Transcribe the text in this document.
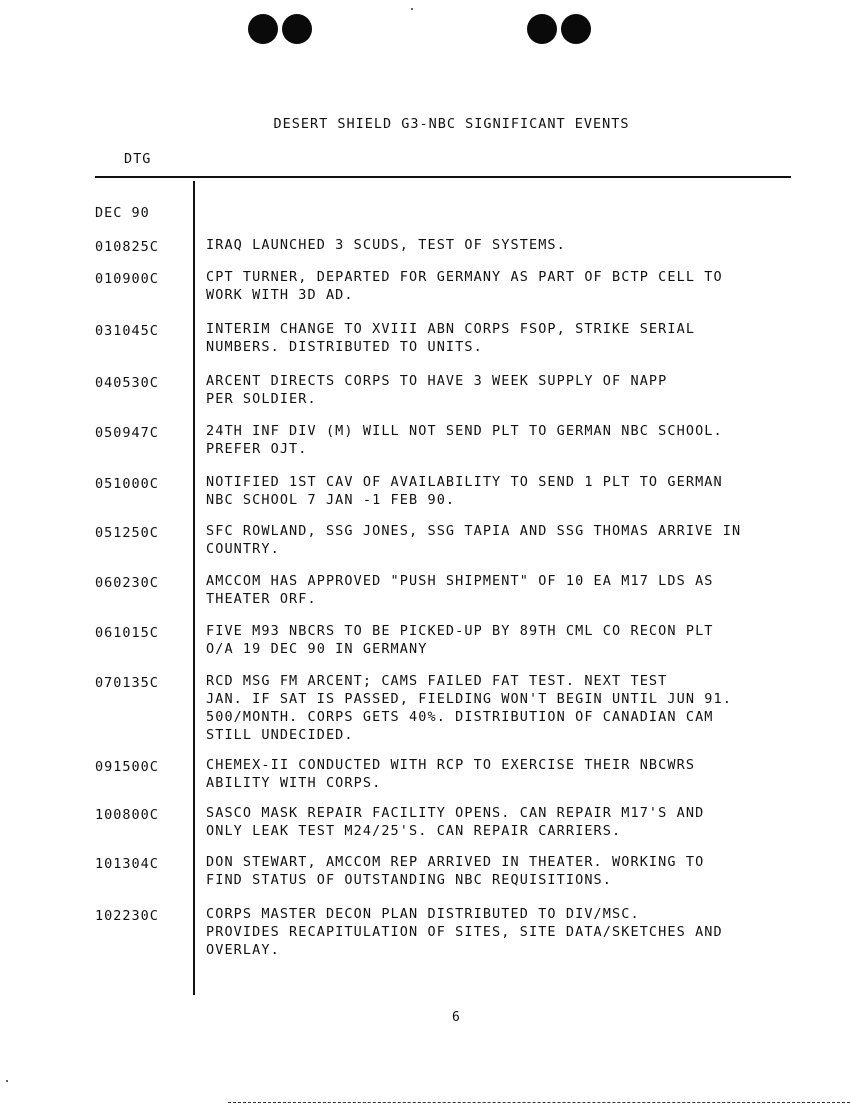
DESERT SHIELD G3-NBC SIGNIFICANT EVENTS
DTG
DEC 90
010825C	IRAQ LAUNCHED 3 SCUDS, TEST OF SYSTEMS.
010900C	CPT TURNER, DEPARTED FOR GERMANY AS PART OF BCTP CELL TO
WORK WITH 3D AD.
031045C	INTERIM CHANGE TO XVIII ABN CORPS FSOP, STRIKE SERIAL
NUMBERS. DISTRIBUTED TO UNITS.
040530C	ARCENT DIRECTS CORPS TO HAVE 3 WEEK SUPPLY OF NAPP
PER SOLDIER.
050947C	24TH INF DIV (M) WILL NOT SEND PLT TO GERMAN NBC SCHOOL.
PREFER OJT.
051000C	NOTIFIED 1ST CAV OF AVAILABILITY TO SEND 1 PLT TO GERMAN
NBC SCHOOL 7 JAN -1 FEB 90.
051250C	SFC ROWLAND, SSG JONES, SSG TAPIA AND SSG THOMAS ARRIVE IN
COUNTRY.
060230C	AMCCOM HAS APPROVED "PUSH SHIPMENT" OF 10 EA M17 LDS AS
THEATER ORF.
061015C	FIVE M93 NBCRS TO BE PICKED-UP BY 89TH CML CO RECON PLT
O/A 19 DEC 90 IN GERMANY
070135C	RCD MSG FM ARCENT; CAMS FAILED FAT TEST. NEXT TEST
JAN. IF SAT IS PASSED, FIELDING WON'T BEGIN UNTIL JUN 91.
500/MONTH. CORPS GETS 40%. DISTRIBUTION OF CANADIAN CAM
STILL UNDECIDED.
091500C	CHEMEX-II CONDUCTED WITH RCP TO EXERCISE THEIR NBCWRS
ABILITY WITH CORPS.
100800C	SASCO MASK REPAIR FACILITY OPENS. CAN REPAIR M17'S AND
ONLY LEAK TEST M24/25'S. CAN REPAIR CARRIERS.
101304C	DON STEWART, AMCCOM REP ARRIVED IN THEATER. WORKING TO
FIND STATUS OF OUTSTANDING NBC REQUISITIONS.
102230C	CORPS MASTER DECON PLAN DISTRIBUTED TO DIV/MSC.
PROVIDES RECAPITULATION OF SITES, SITE DATA/SKETCHES AND
OVERLAY.
6
